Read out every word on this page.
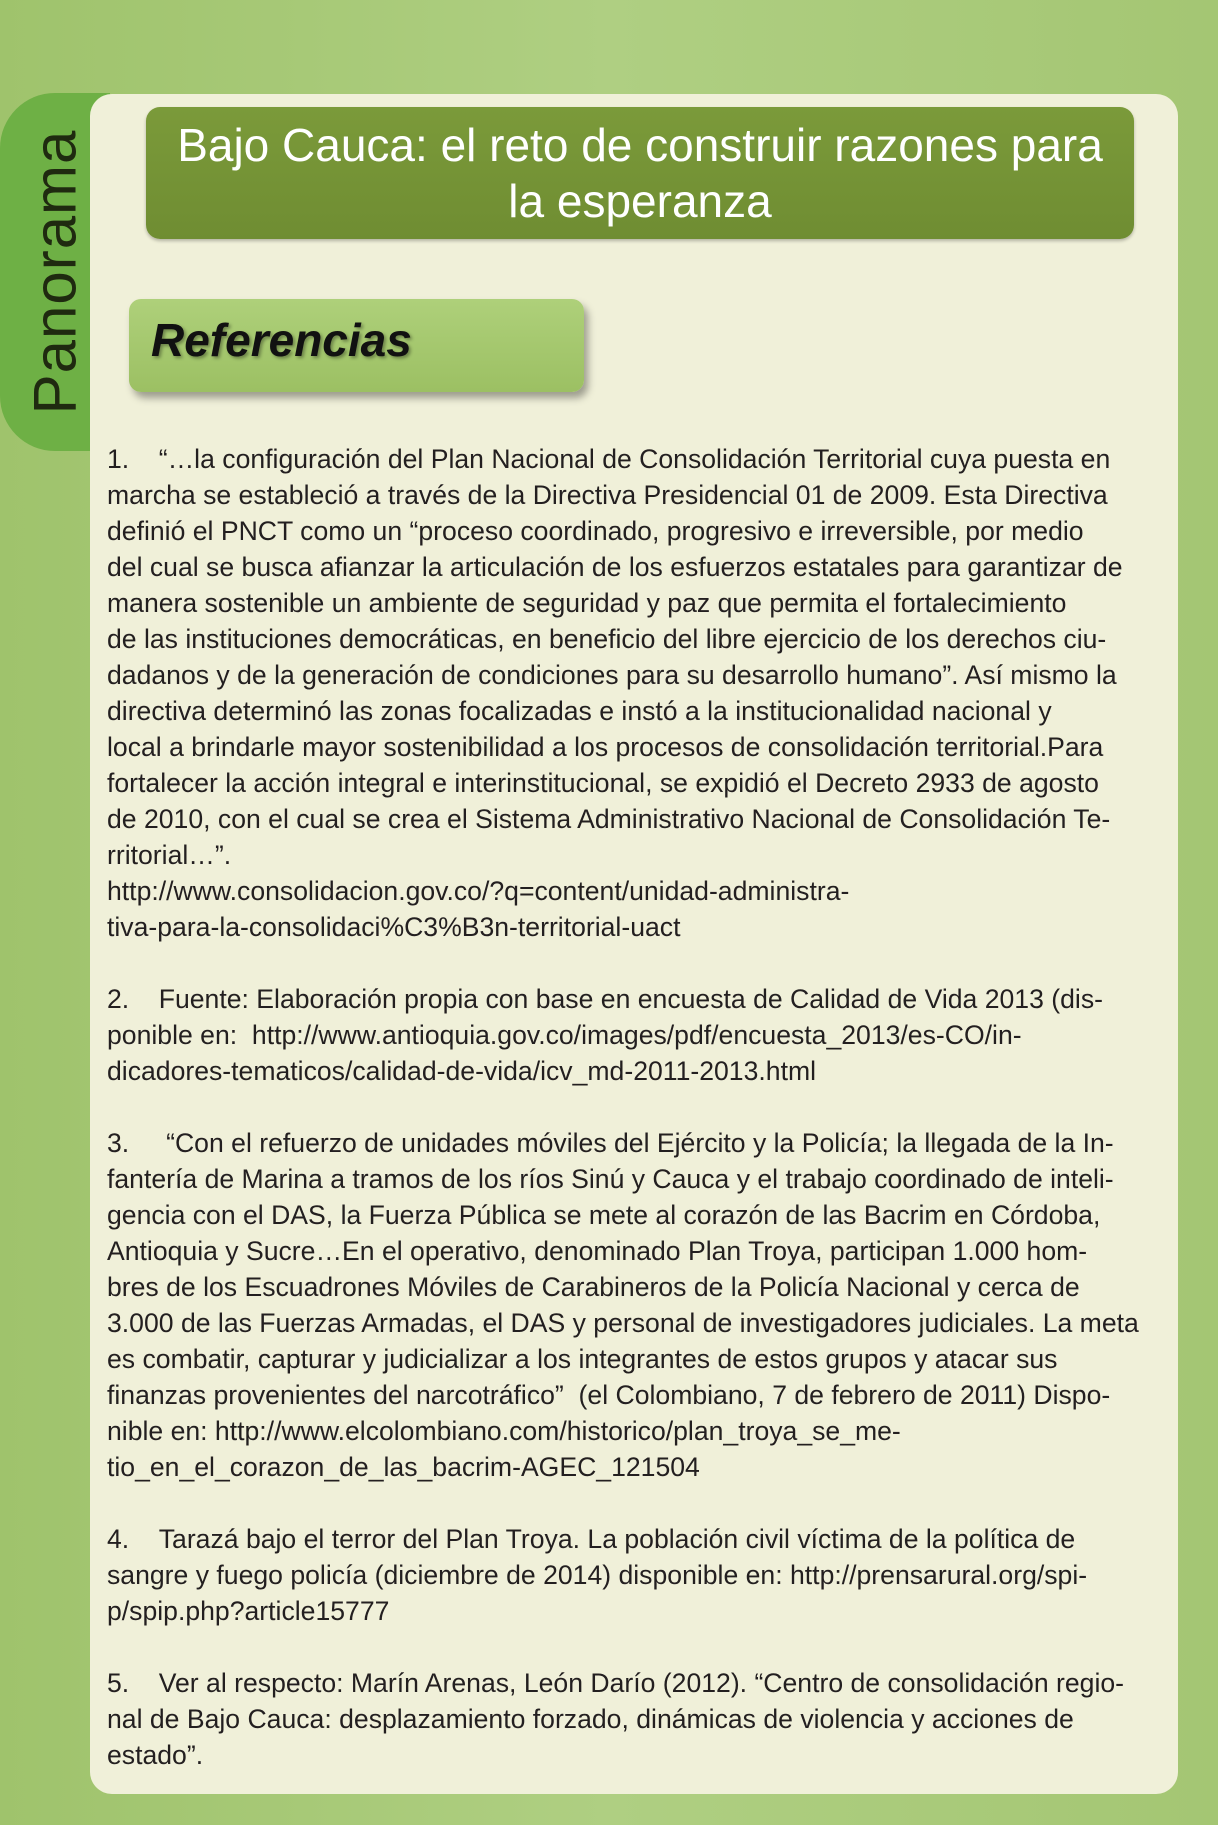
Panorama	Bajo Cauca: el reto de construir razones para
la esperanza
Referencias
1.    “…la configuración del Plan Nacional de Consolidación Territorial cuya puesta en
marcha se estableció a través de la Directiva Presidencial 01 de 2009. Esta Directiva
definió el PNCT como un “proceso coordinado, progresivo e irreversible, por medio
del cual se busca afianzar la articulación de los esfuerzos estatales para garantizar de
manera sostenible un ambiente de seguridad y paz que permita el fortalecimiento
de las instituciones democráticas, en beneficio del libre ejercicio de los derechos ciu-
dadanos y de la generación de condiciones para su desarrollo humano”. Así mismo la
directiva determinó las zonas focalizadas e instó a la institucionalidad nacional y
local a brindarle mayor sostenibilidad a los procesos de consolidación territorial.Para
fortalecer la acción integral e interinstitucional, se expidió el Decreto 2933 de agosto
de 2010, con el cual se crea el Sistema Administrativo Nacional de Consolidación Te-
rritorial…”.
http://www.consolidacion.gov.co/?q=content/unidad-administra-
tiva-para-la-consolidaci%C3%B3n-territorial-uact
2.    Fuente: Elaboración propia con base en encuesta de Calidad de Vida 2013 (dis-
ponible en:  http://www.antioquia.gov.co/images/pdf/encuesta_2013/es-CO/in-
dicadores-tematicos/calidad-de-vida/icv_md-2011-2013.html
3.     “Con el refuerzo de unidades móviles del Ejército y la Policía; la llegada de la In-
fantería de Marina a tramos de los ríos Sinú y Cauca y el trabajo coordinado de inteli-
gencia con el DAS, la Fuerza Pública se mete al corazón de las Bacrim en Córdoba,
Antioquia y Sucre…En el operativo, denominado Plan Troya, participan 1.000 hom-
bres de los Escuadrones Móviles de Carabineros de la Policía Nacional y cerca de
3.000 de las Fuerzas Armadas, el DAS y personal de investigadores judiciales. La meta
es combatir, capturar y judicializar a los integrantes de estos grupos y atacar sus
finanzas provenientes del narcotráfico”  (el Colombiano, 7 de febrero de 2011) Dispo-
nible en: http://www.elcolombiano.com/historico/plan_troya_se_me-
tio_en_el_corazon_de_las_bacrim-AGEC_121504
4.    Tarazá bajo el terror del Plan Troya. La población civil víctima de la política de
sangre y fuego policía (diciembre de 2014) disponible en: http://prensarural.org/spi-
p/spip.php?article15777
5.    Ver al respecto: Marín Arenas, León Darío (2012). “Centro de consolidación regio-
nal de Bajo Cauca: desplazamiento forzado, dinámicas de violencia y acciones de
estado”.
